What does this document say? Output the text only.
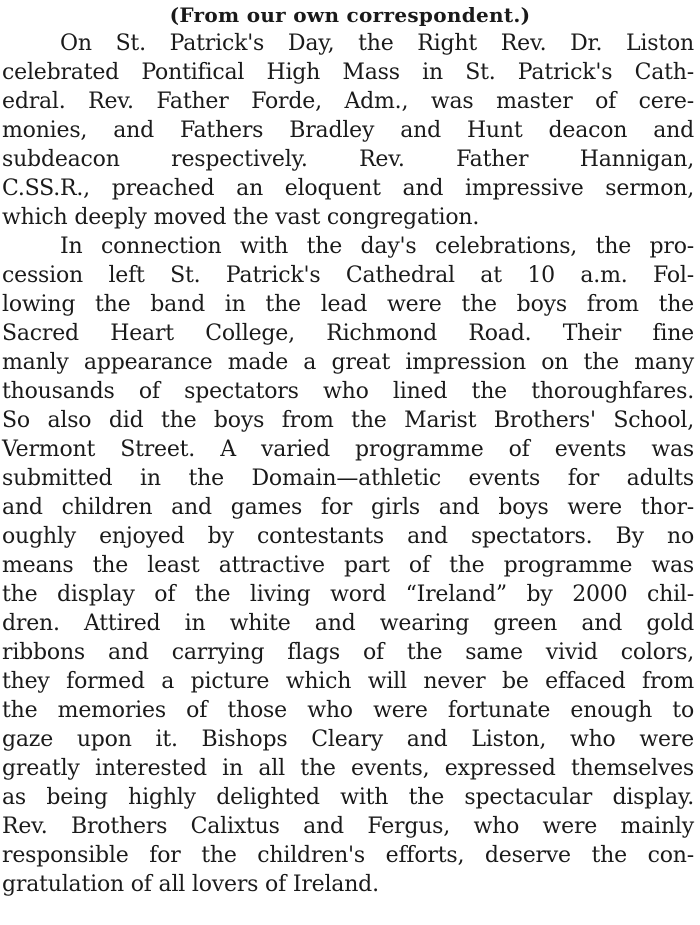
(From our own correspondent.)
On St. Patrick's Day, the Right Rev. Dr. Liston
celebrated Pontifical High Mass in St. Patrick's Cath-
edral. Rev. Father Forde, Adm., was master of cere-
monies, and Fathers Bradley and Hunt deacon and
subdeacon respectively. Rev. Father Hannigan,
C.SS.R., preached an eloquent and impressive sermon,
which deeply moved the vast congregation.
In connection with the day's celebrations, the pro-
cession left St. Patrick's Cathedral at 10 a.m. Fol-
lowing the band in the lead were the boys from the
Sacred Heart College, Richmond Road. Their fine
manly appearance made a great impression on the many
thousands of spectators who lined the thoroughfares.
So also did the boys from the Marist Brothers' School,
Vermont Street. A varied programme of events was
submitted in the Domain—athletic events for adults
and children and games for girls and boys were thor-
oughly enjoyed by contestants and spectators. By no
means the least attractive part of the programme was
the display of the living word “Ireland” by 2000 chil-
dren. Attired in white and wearing green and gold
ribbons and carrying flags of the same vivid colors,
they formed a picture which will never be effaced from
the memories of those who were fortunate enough to
gaze upon it. Bishops Cleary and Liston, who were
greatly interested in all the events, expressed themselves
as being highly delighted with the spectacular display.
Rev. Brothers Calixtus and Fergus, who were mainly
responsible for the children's efforts, deserve the con-
gratulation of all lovers of Ireland.
